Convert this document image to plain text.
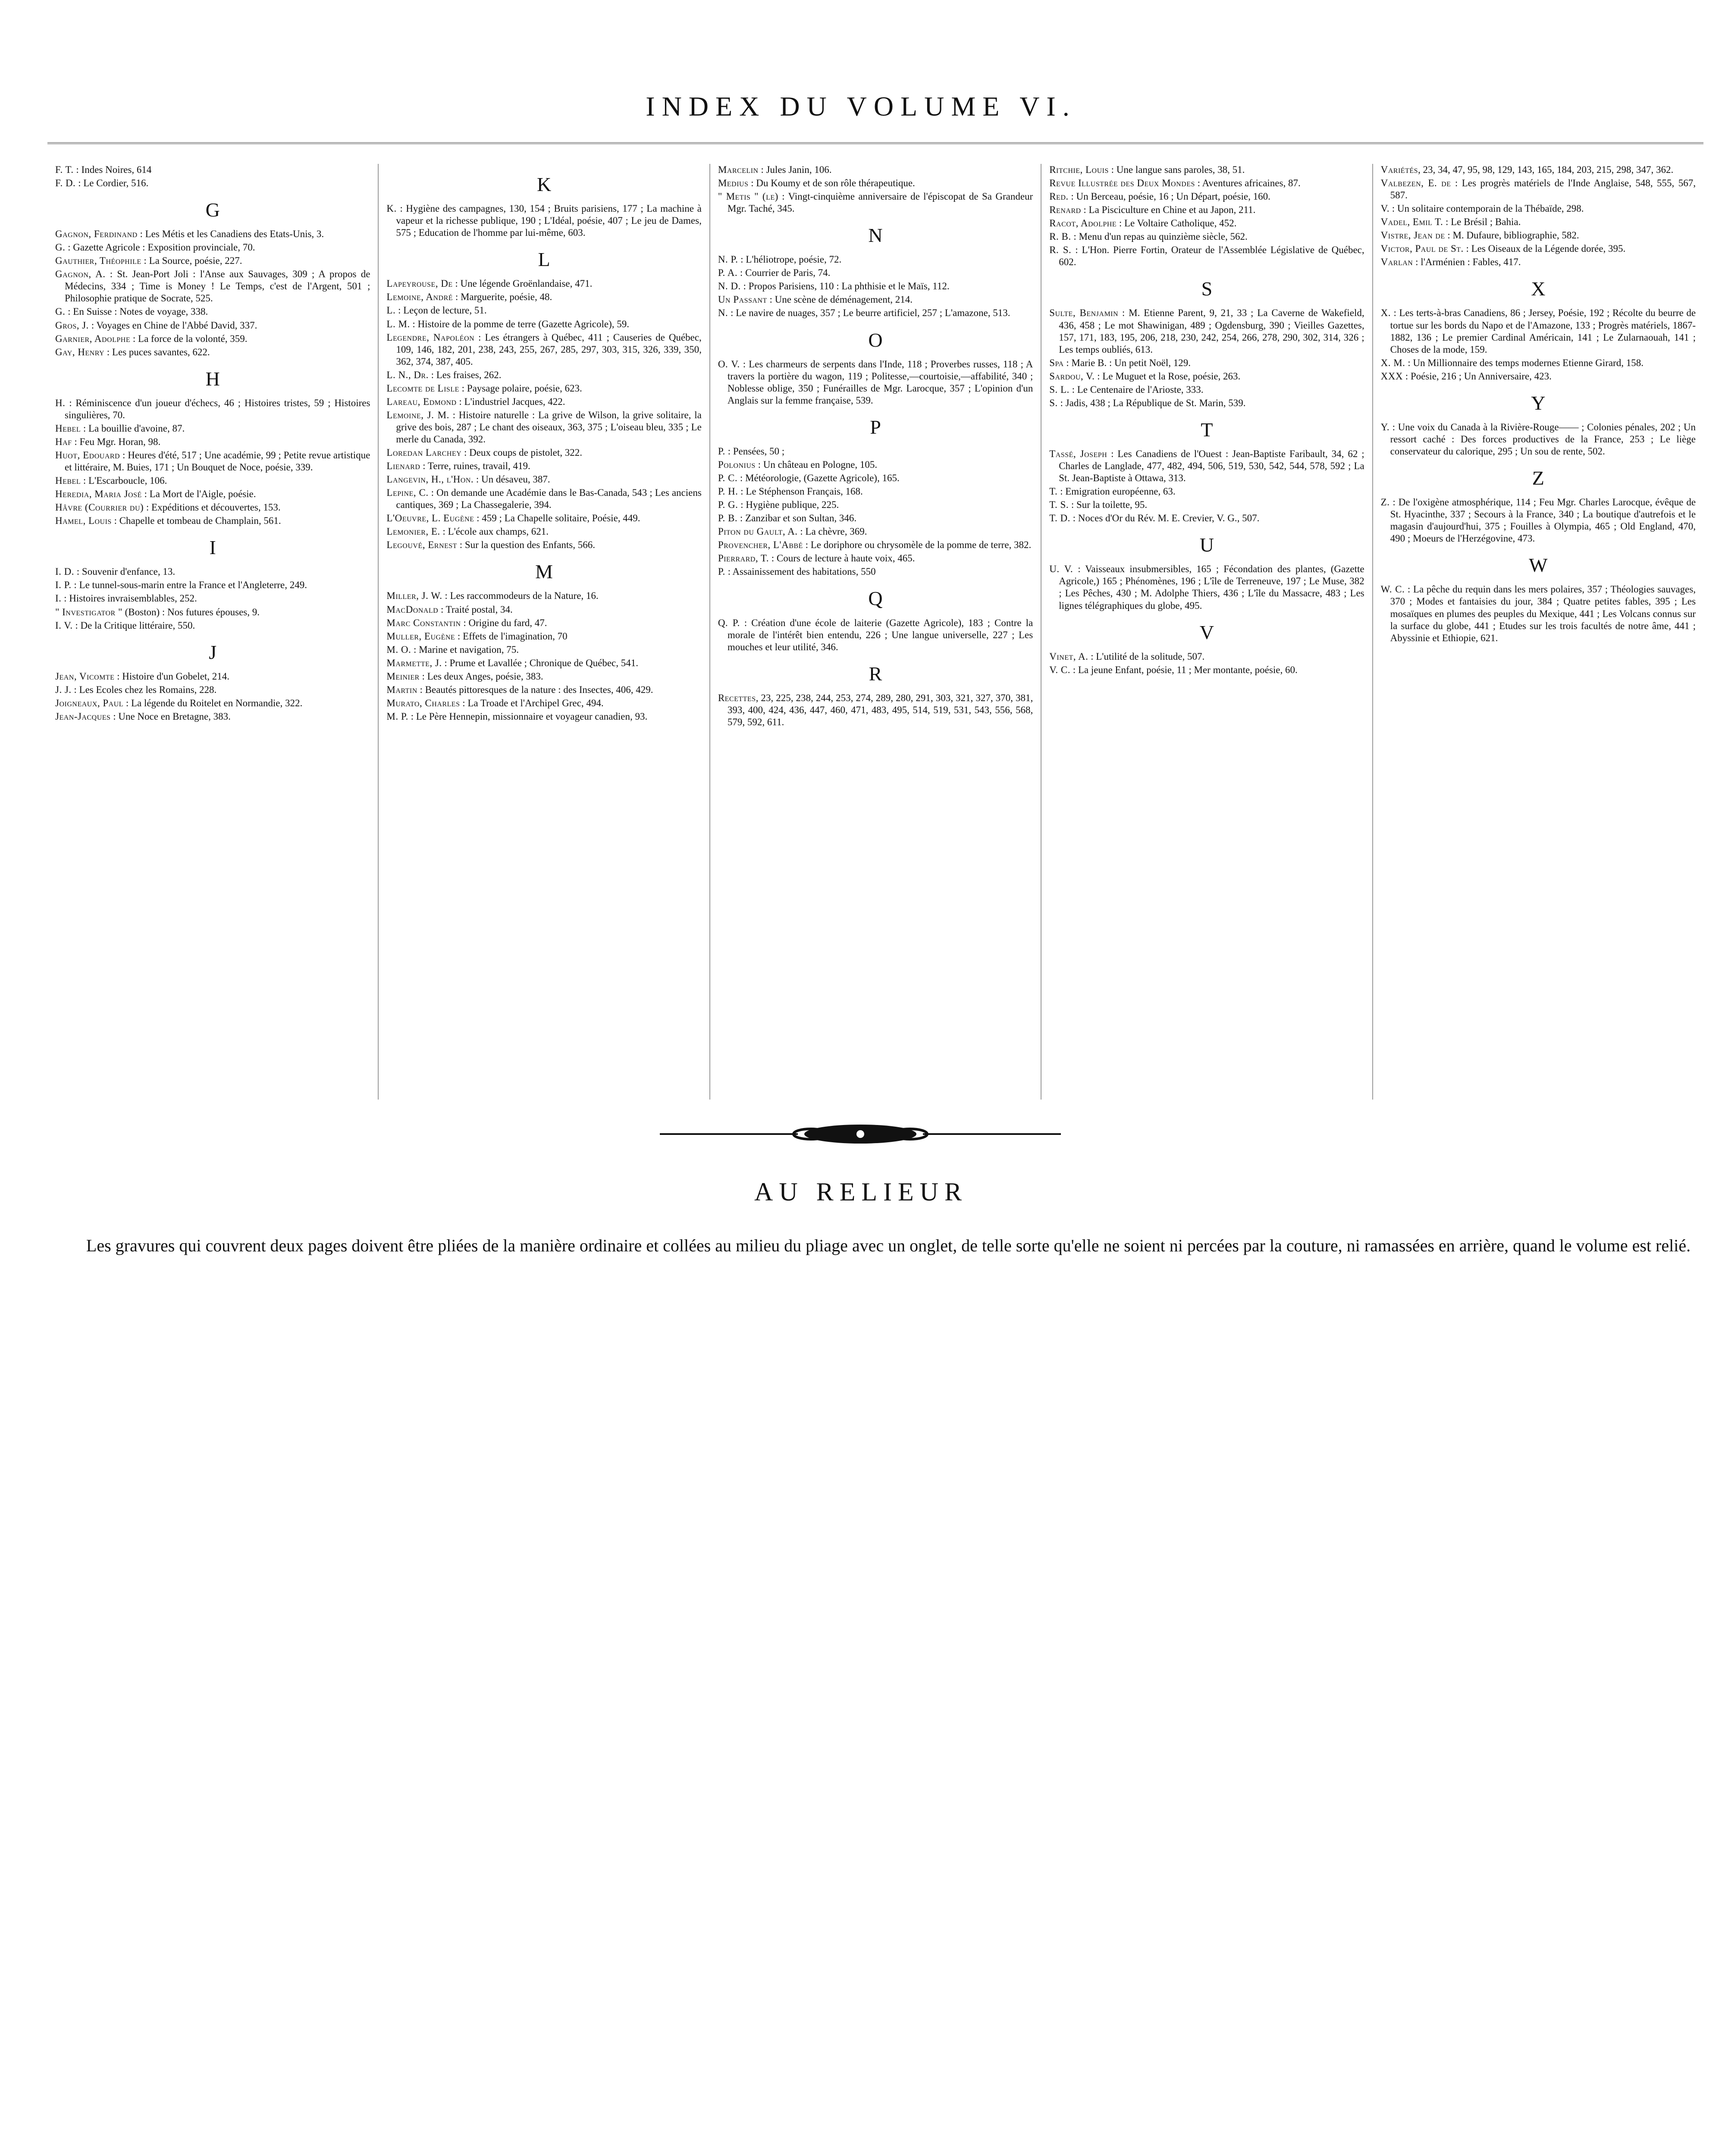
INDEX DU VOLUME VI.
F. T. : Indes Noires, 614
F. D. : Le Cordier, 516.
G
Gagnon, Ferdinand : Les Métis et les Canadiens des Etats-Unis, 3.
G. : Gazette Agricole : Exposition provinciale, 70.
Gauthier, Théophile : La Source, poésie, 227.
Gagnon, A. : St. Jean-Port Joli : l'Anse aux Sauvages, 309 ; A propos de Médecins, 334 ; Time is Money ! Le Temps, c'est de l'Argent, 501 ; Philosophie pratique de Socrate, 525.
G. : En Suisse : Notes de voyage, 338.
Gros, J. : Voyages en Chine de l'Abbé David, 337.
Garnier, Adolphe : La force de la volonté, 359.
Gay, Henry : Les puces savantes, 622.
H
H. : Réminiscence d'un joueur d'échecs, 46 ; Histoires tristes, 59 ; Histoires singulières, 70.
Hebel : La bouillie d'avoine, 87.
Haf : Feu Mgr. Horan, 98.
Huot, Edouard : Heures d'été, 517 ; Une académie, 99 ; Petite revue artistique et littéraire, M. Buies, 171 ; Un Bouquet de Noce, poésie, 339.
Hebel : L'Escarboucle, 106.
Heredia, Maria José : La Mort de l'Aigle, poésie.
Hâvre (Courrier du) : Expéditions et découvertes, 153.
Hamel, Louis : Chapelle et tombeau de Champlain, 561.
I
I. D. : Souvenir d'enfance, 13.
I. P. : Le tunnel-sous-marin entre la France et l'Angleterre, 249.
I. : Histoires invraisemblables, 252.
" Investigator " (Boston) : Nos futures épouses, 9.
I. V. : De la Critique littéraire, 550.
J
Jean, Vicomte : Histoire d'un Gobelet, 214.
J. J. : Les Ecoles chez les Romains, 228.
Joigneaux, Paul : La légende du Roitelet en Normandie, 322.
Jean-Jacques : Une Noce en Bretagne, 383.
K
K. : Hygiène des campagnes, 130, 154 ; Bruits parisiens, 177 ; La machine à vapeur et la richesse publique, 190 ; L'Idéal, poésie, 407 ; Le jeu de Dames, 575 ; Education de l'homme par lui-même, 603.
L
Lapeyrouse, De : Une légende Groënlandaise, 471.
Lemoine, André : Marguerite, poésie, 48.
L. : Leçon de lecture, 51.
L. M. : Histoire de la pomme de terre (Gazette Agricole), 59.
Legendre, Napoléon : Les étrangers à Québec, 411 ; Causeries de Québec, 109, 146, 182, 201, 238, 243, 255, 267, 285, 297, 303, 315, 326, 339, 350, 362, 374, 387, 405.
L. N., Dr. : Les fraises, 262.
Lecomte de Lisle : Paysage polaire, poésie, 623.
Lareau, Edmond : L'industriel Jacques, 422.
Lemoine, J. M. : Histoire naturelle : La grive de Wilson, la grive solitaire, la grive des bois, 287 ; Le chant des oiseaux, 363, 375 ; L'oiseau bleu, 335 ; Le merle du Canada, 392.
Loredan Larchey : Deux coups de pistolet, 322.
Lienard : Terre, ruines, travail, 419.
Langevin, H., l'Hon. : Un désaveu, 387.
Lepine, C. : On demande une Académie dans le Bas-Canada, 543 ; Les anciens cantiques, 369 ; La Chassegalerie, 394.
L'Oeuvre, L. Eugène : 459 ; La Chapelle solitaire, Poésie, 449.
Lemonier, E. : L'école aux champs, 621.
Legouvé, Ernest : Sur la question des Enfants, 566.
M
Miller, J. W. : Les raccommodeurs de la Nature, 16.
MacDonald : Traité postal, 34.
Marc Constantin : Origine du fard, 47.
Muller, Eugène : Effets de l'imagination, 70
M. O. : Marine et navigation, 75.
Marmette, J. : Prume et Lavallée ; Chronique de Québec, 541.
Meinier : Les deux Anges, poésie, 383.
Martin : Beautés pittoresques de la nature : des Insectes, 406, 429.
Murato, Charles : La Troade et l'Archipel Grec, 494.
M. P. : Le Père Hennepin, missionnaire et voyageur canadien, 93.
Marcelin : Jules Janin, 106.
Medius : Du Koumy et de son rôle thérapeutique.
" Metis " (le) : Vingt-cinquième anniversaire de l'épiscopat de Sa Grandeur Mgr. Taché, 345.
N
N. P. : L'héliotrope, poésie, 72.
P. A. : Courrier de Paris, 74.
N. D. : Propos Parisiens, 110 : La phthisie et le Maïs, 112.
Un Passant : Une scène de déménagement, 214.
N. : Le navire de nuages, 357 ; Le beurre artificiel, 257 ; L'amazone, 513.
O
O. V. : Les charmeurs de serpents dans l'Inde, 118 ; Proverbes russes, 118 ; A travers la portière du wagon, 119 ; Politesse,—courtoisie,—affabilité, 340 ; Noblesse oblige, 350 ; Funérailles de Mgr. Larocque, 357 ; L'opinion d'un Anglais sur la femme française, 539.
P
P. : Pensées, 50 ;
Polonius : Un château en Pologne, 105.
P. C. : Météorologie, (Gazette Agricole), 165.
P. H. : Le Stéphenson Français, 168.
P. G. : Hygiène publique, 225.
P. B. : Zanzibar et son Sultan, 346.
Piton du Gault, A. : La chèvre, 369.
Provencher, L'Abbé : Le doriphore ou chrysomèle de la pomme de terre, 382.
Pierrard, T. : Cours de lecture à haute voix, 465.
P. : Assainissement des habitations, 550
Q
Q. P. : Création d'une école de laiterie (Gazette Agricole), 183 ; Contre la morale de l'intérêt bien entendu, 226 ; Une langue universelle, 227 ; Les mouches et leur utilité, 346.
R
Recettes, 23, 225, 238, 244, 253, 274, 289, 280, 291, 303, 321, 327, 370, 381, 393, 400, 424, 436, 447, 460, 471, 483, 495, 514, 519, 531, 543, 556, 568, 579, 592, 611.
Ritchie, Louis : Une langue sans paroles, 38, 51.
Revue Illustrée des Deux Mondes : Aventures africaines, 87.
Red. : Un Berceau, poésie, 16 ; Un Départ, poésie, 160.
Renard : La Pisciculture en Chine et au Japon, 211.
Racot, Adolphe : Le Voltaire Catholique, 452.
R. B. : Menu d'un repas au quinzième siècle, 562.
R. S. : L'Hon. Pierre Fortin, Orateur de l'Assemblée Législative de Québec, 602.
S
Sulte, Benjamin : M. Etienne Parent, 9, 21, 33 ; La Caverne de Wakefield, 436, 458 ; Le mot Shawinigan, 489 ; Ogdensburg, 390 ; Vieilles Gazettes, 157, 171, 183, 195, 206, 218, 230, 242, 254, 266, 278, 290, 302, 314, 326 ; Les temps oubliés, 613.
Spa : Marie B. : Un petit Noël, 129.
Sardou, V. : Le Muguet et la Rose, poésie, 263.
S. L. : Le Centenaire de l'Arioste, 333.
S. : Jadis, 438 ; La République de St. Marin, 539.
T
Tassé, Joseph : Les Canadiens de l'Ouest : Jean-Baptiste Faribault, 34, 62 ; Charles de Langlade, 477, 482, 494, 506, 519, 530, 542, 544, 578, 592 ; La St. Jean-Baptiste à Ottawa, 313.
T. : Emigration européenne, 63.
T. S. : Sur la toilette, 95.
T. D. : Noces d'Or du Rév. M. E. Crevier, V. G., 507.
U
U. V. : Vaisseaux insubmersibles, 165 ; Fécondation des plantes, (Gazette Agricole,) 165 ; Phénomènes, 196 ; L'île de Terreneuve, 197 ; Le Muse, 382 ; Les Pêches, 430 ; M. Adolphe Thiers, 436 ; L'île du Massacre, 483 ; Les lignes télégraphiques du globe, 495.
V
Vinet, A. : L'utilité de la solitude, 507.
V. C. : La jeune Enfant, poésie, 11 ; Mer montante, poésie, 60.
Variétés, 23, 34, 47, 95, 98, 129, 143, 165, 184, 203, 215, 298, 347, 362.
Valbezen, E. de : Les progrès matériels de l'Inde Anglaise, 548, 555, 567, 587.
V. : Un solitaire contemporain de la Thébaïde, 298.
Vadel, Emil T. : Le Brésil ; Bahia.
Vistre, Jean de : M. Dufaure, bibliographie, 582.
Victor, Paul de St. : Les Oiseaux de la Légende dorée, 395.
Varlan : l'Arménien : Fables, 417.
X
X. : Les terts-à-bras Canadiens, 86 ; Jersey, Poésie, 192 ; Récolte du beurre de tortue sur les bords du Napo et de l'Amazone, 133 ; Progrès matériels, 1867-1882, 136 ; Le premier Cardinal Américain, 141 ; Le Zularnaouah, 141 ; Choses de la mode, 159.
X. M. : Un Millionnaire des temps modernes Etienne Girard, 158.
XXX : Poésie, 216 ; Un Anniversaire, 423.
Y
Y. : Une voix du Canada à la Rivière-Rouge—— ; Colonies pénales, 202 ; Un ressort caché : Des forces productives de la France, 253 ; Le liège conservateur du calorique, 295 ; Un sou de rente, 502.
Z
Z. : De l'oxigène atmosphérique, 114 ; Feu Mgr. Charles Larocque, évêque de St. Hyacinthe, 337 ; Secours à la France, 340 ; La boutique d'autrefois et le magasin d'aujourd'hui, 375 ; Fouilles à Olympia, 465 ; Old England, 470, 490 ; Moeurs de l'Herzégovine, 473.
W
W. C. : La pêche du requin dans les mers polaires, 357 ; Théologies sauvages, 370 ; Modes et fantaisies du jour, 384 ; Quatre petites fables, 395 ; Les mosaïques en plumes des peuples du Mexique, 441 ; Les Volcans connus sur la surface du globe, 441 ; Etudes sur les trois facultés de notre âme, 441 ; Abyssinie et Ethiopie, 621.
AU RELIEUR
Les gravures qui couvrent deux pages doivent être pliées de la manière ordinaire et collées au milieu du pliage avec un onglet, de telle sorte qu'elle ne soient ni percées par la couture, ni ramassées en arrière, quand le volume est relié.
